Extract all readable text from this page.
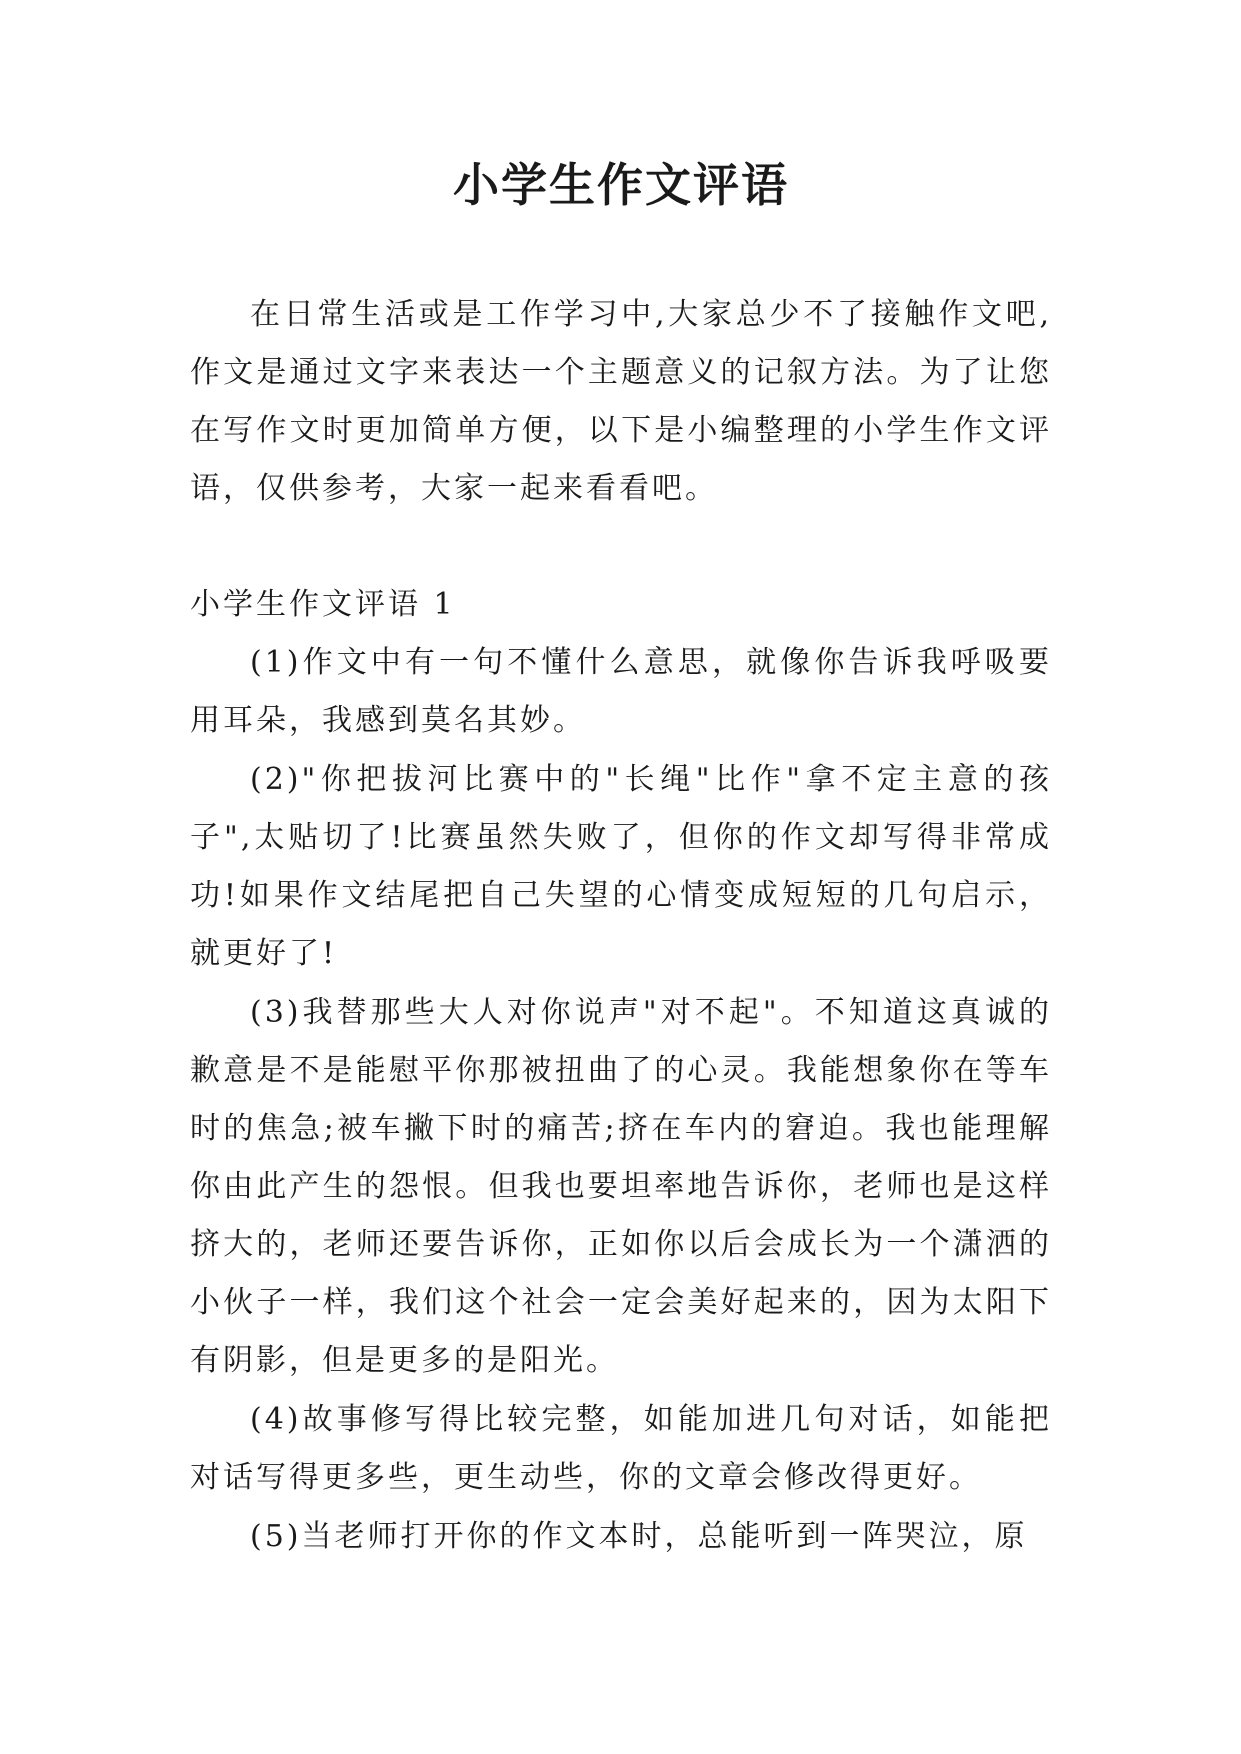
小学生作文评语

在日常生活或是工作学习中,大家总少不了接触作文吧,作文是通过文字来表达一个主题意义的记叙方法。为了让您在写作文时更加简单方便，以下是小编整理的小学生作文评语，仅供参考，大家一起来看看吧。

小学生作文评语 1

(1)作文中有一句不懂什么意思，就像你告诉我呼吸要用耳朵，我感到莫名其妙。

(2)"你把拔河比赛中的"长绳"比作"拿不定主意的孩子",太贴切了!比赛虽然失败了，但你的作文却写得非常成功!如果作文结尾把自己失望的心情变成短短的几句启示，就更好了!

(3)我替那些大人对你说声"对不起"。不知道这真诚的歉意是不是能慰平你那被扭曲了的心灵。我能想象你在等车时的焦急;被车撇下时的痛苦;挤在车内的窘迫。我也能理解你由此产生的怨恨。但我也要坦率地告诉你，老师也是这样挤大的，老师还要告诉你，正如你以后会成长为一个潇洒的小伙子一样，我们这个社会一定会美好起来的，因为太阳下有阴影，但是更多的是阳光。

(4)故事修写得比较完整，如能加进几句对话，如能把对话写得更多些，更生动些，你的文章会修改得更好。

(5)当老师打开你的作文本时，总能听到一阵哭泣，原
